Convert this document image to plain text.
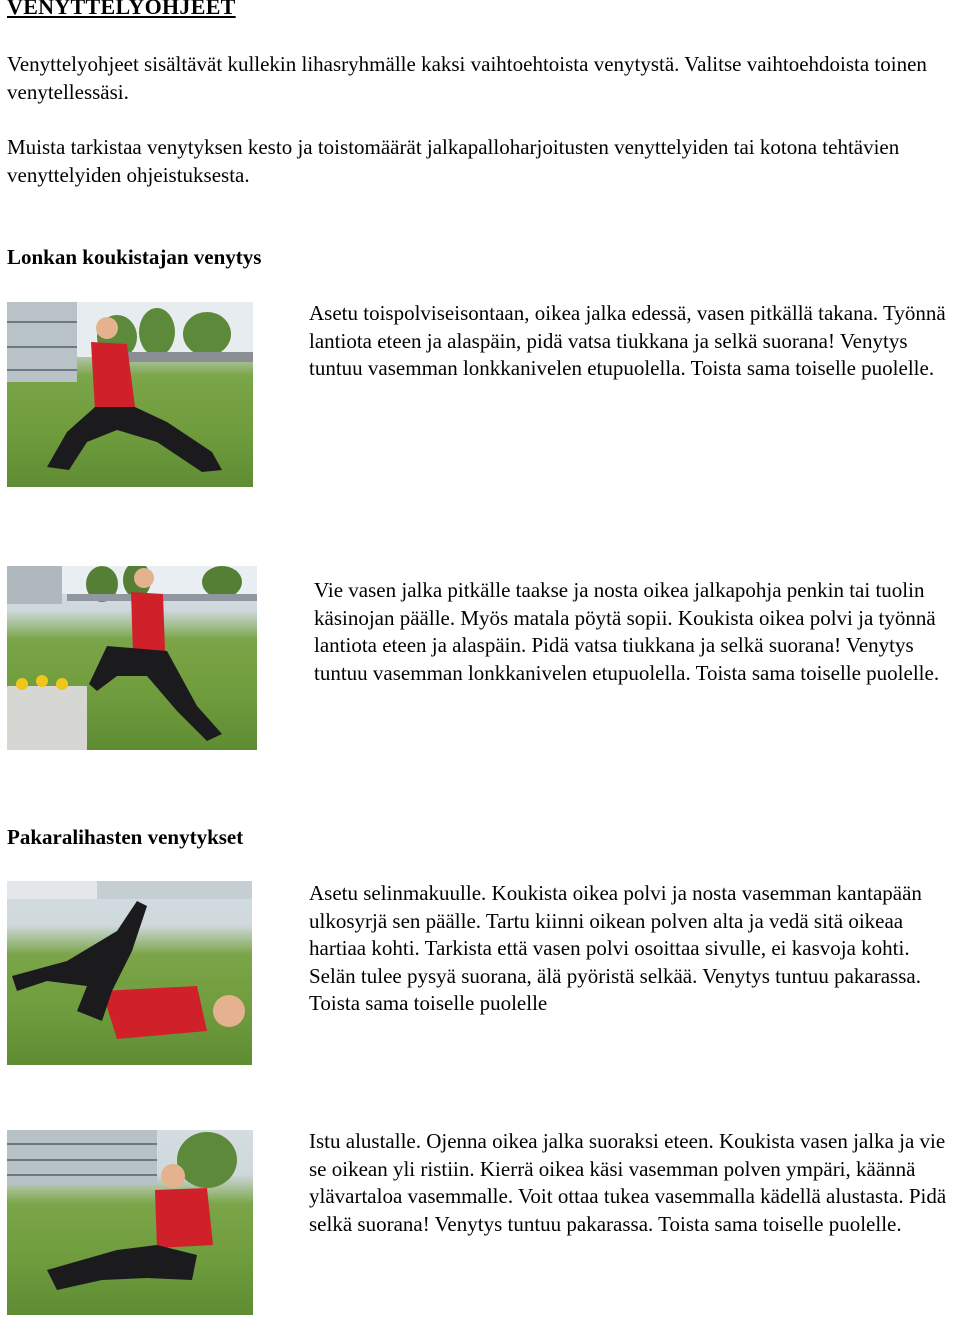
VENYTTELYOHJEET

Venyttelyohjeet sisältävät kullekin lihasryhmälle kaksi vaihtoehtoista venytystä. Valitse vaihtoehdoista toinen venytellessäsi.

Muista tarkistaa venytyksen kesto ja toistomäärät jalkapalloharjoitusten venyttelyiden tai kotona tehtävien venyttelyiden ohjeistuksesta.

Lonkan koukistajan venytys

Asetu toispolviseisontaan, oikea jalka edessä, vasen pitkällä takana. Työnnä lantiota eteen ja alaspäin, pidä vatsa tiukkana ja selkä suorana! Venytys tuntuu vasemman lonkkanivelen etupuolella. Toista sama toiselle puolelle.

Vie vasen jalka pitkälle taakse ja nosta oikea jalkapohja penkin tai tuolin käsinojan päälle. Myös matala pöytä sopii. Koukista oikea polvi ja työnnä lantiota eteen ja alaspäin. Pidä vatsa tiukkana ja selkä suorana! Venytys tuntuu vasemman lonkkanivelen etupuolella. Toista sama toiselle puolelle.

Pakaralihasten venytykset

Asetu selinmakuulle. Koukista oikea polvi ja nosta vasemman kantapään ulkosyrjä sen päälle. Tartu kiinni oikean polven alta ja vedä sitä oikeaa hartiaa kohti. Tarkista että vasen polvi osoittaa sivulle, ei kasvoja kohti. Selän tulee pysyä suorana, älä pyöristä selkää. Venytys tuntuu pakarassa. Toista sama toiselle puolelle

Istu alustalle. Ojenna oikea jalka suoraksi eteen. Koukista vasen jalka ja vie se oikean yli ristiin. Kierrä oikea käsi vasemman polven ympäri, käännä ylävartaloa vasemmalle. Voit ottaa tukea vasemmalla kädellä alustasta. Pidä selkä suorana! Venytys tuntuu pakarassa. Toista sama toiselle puolelle.
